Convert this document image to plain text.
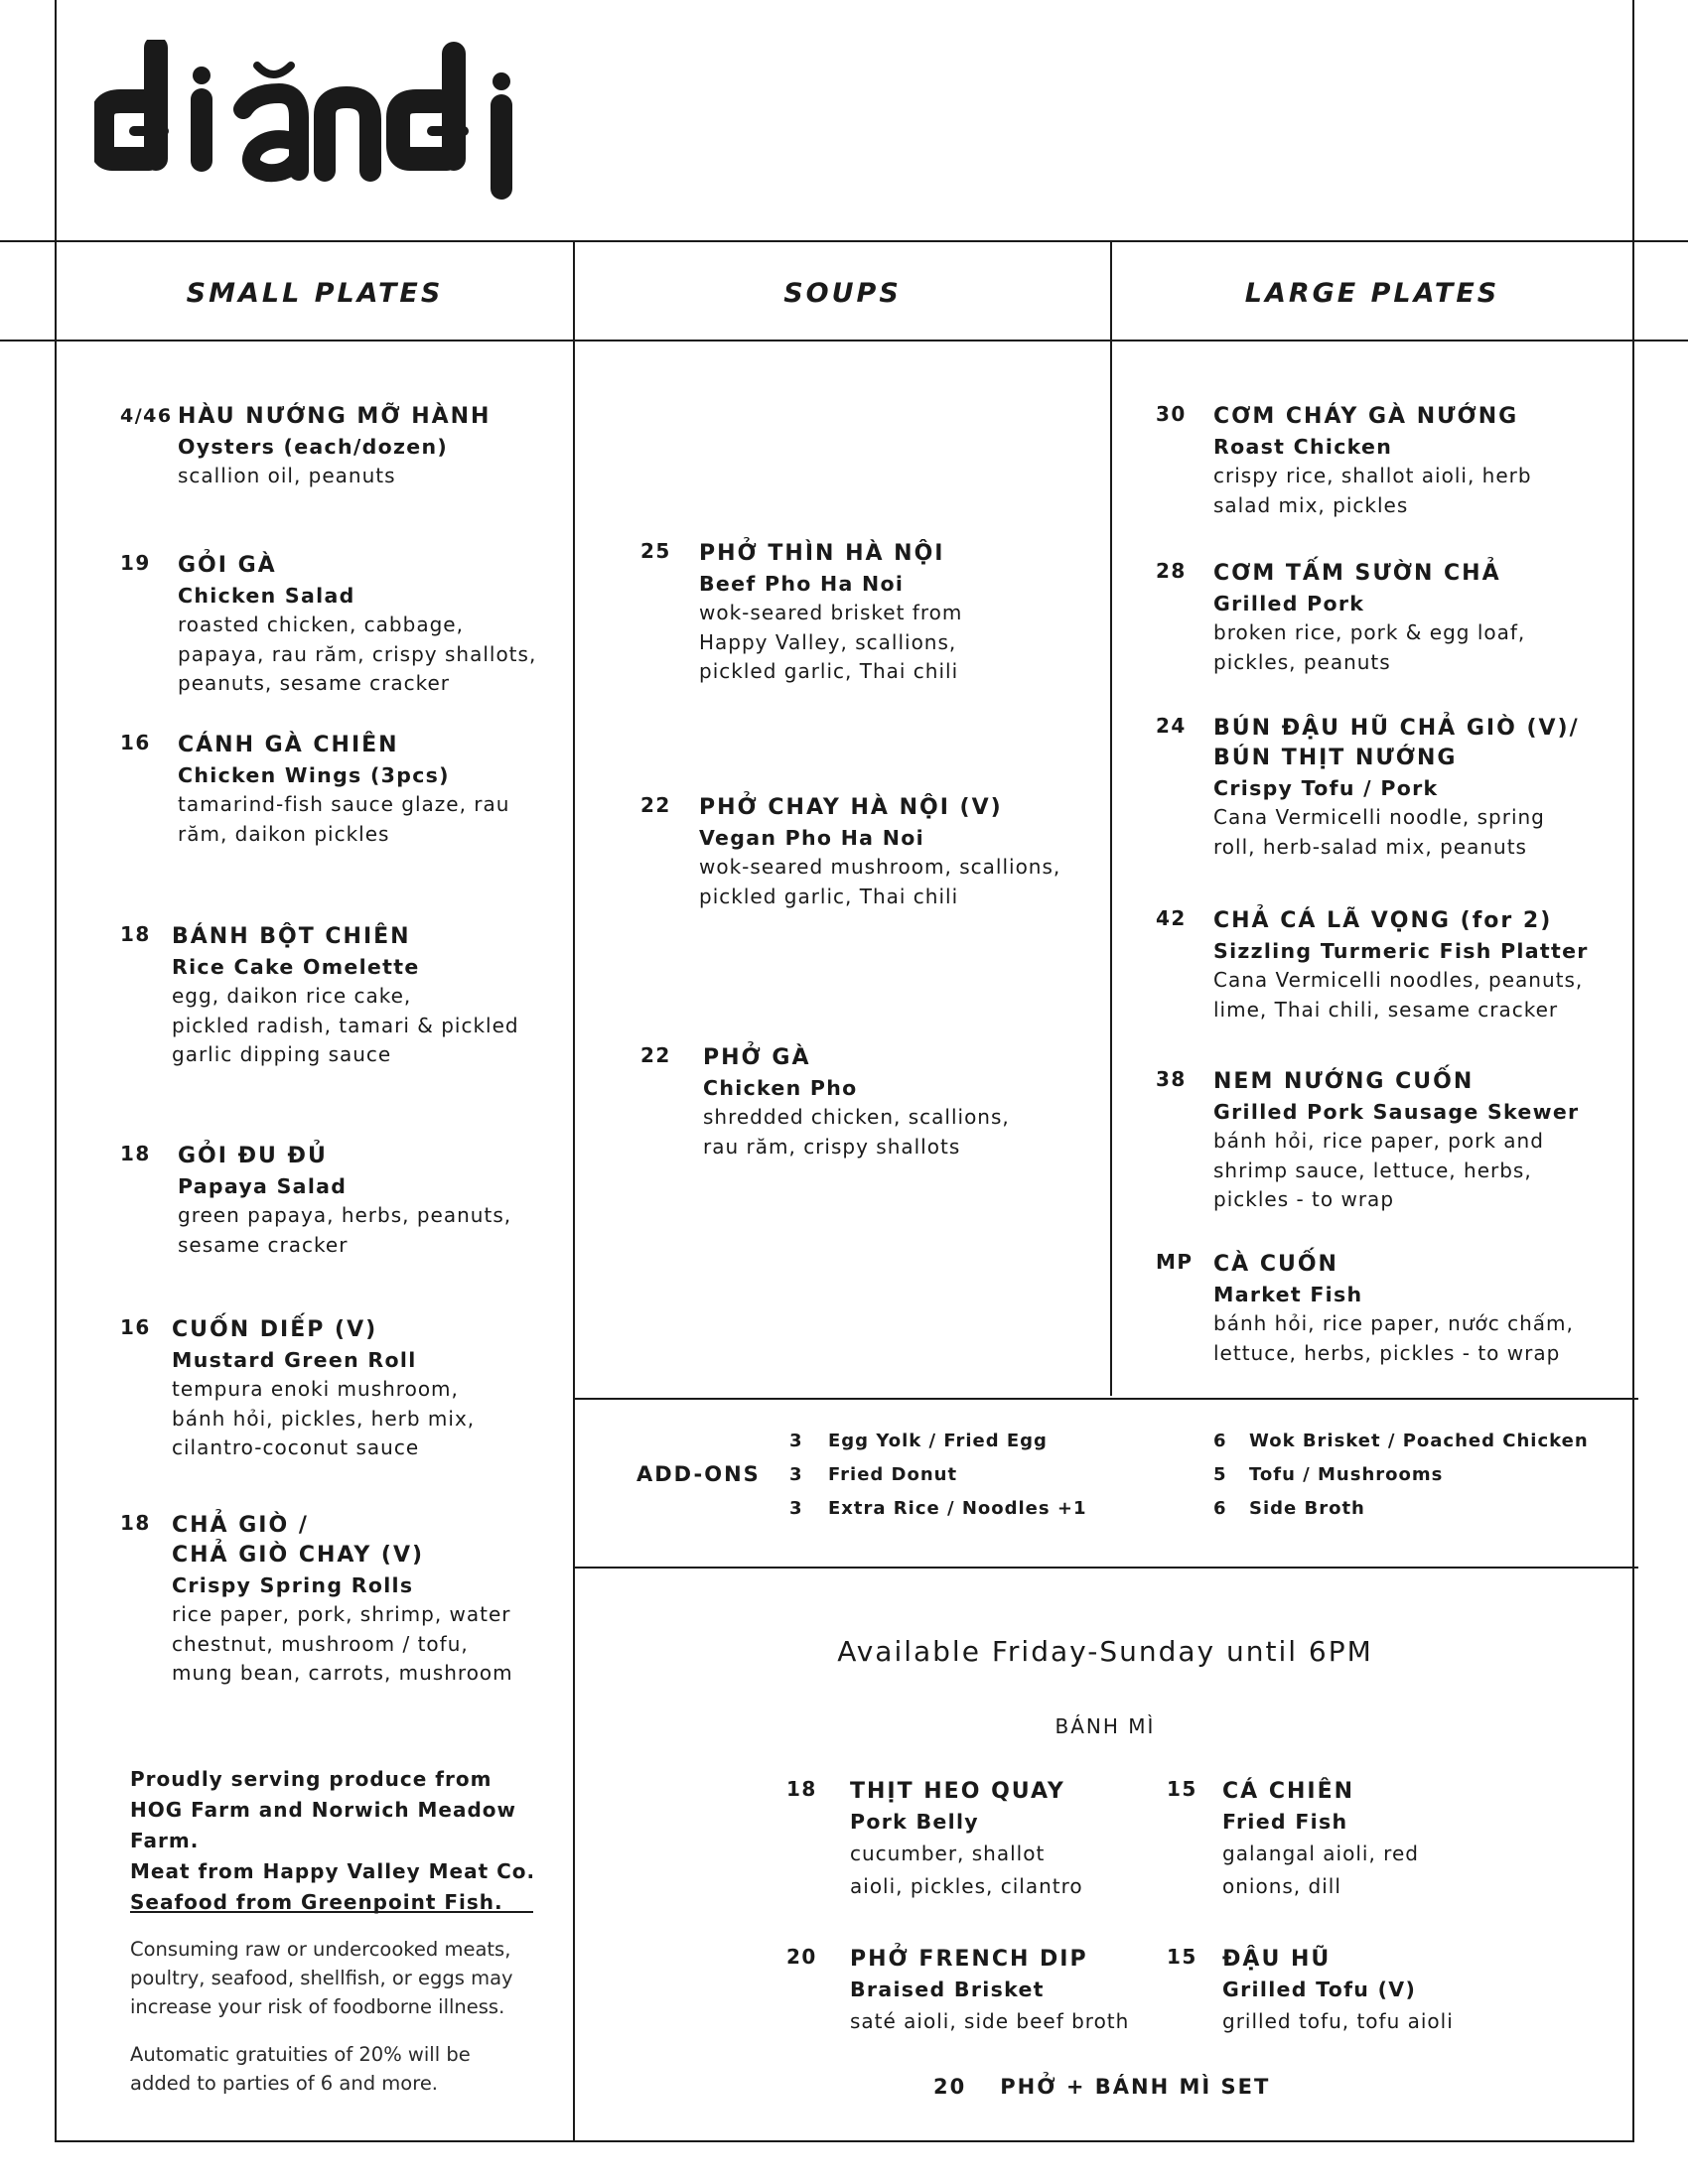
SMALL PLATES	SOUPS	LARGE PLATES
4/46 HÀU NƯỚNG MỠ HÀNH
Oysters (each/dozen)
scallion oil, peanuts
19 GỎI GÀ
Chicken Salad
roasted chicken, cabbage,
papaya, rau răm, crispy shallots,
peanuts, sesame cracker
16 CÁNH GÀ CHIÊN
Chicken Wings (3pcs)
tamarind-fish sauce glaze, rau
răm, daikon pickles
18 BÁNH BỘT CHIÊN
Rice Cake Omelette
egg, daikon rice cake,
pickled radish, tamari & pickled
garlic dipping sauce
18 GỎI ĐU ĐỦ
Papaya Salad
green papaya, herbs, peanuts,
sesame cracker
16 CUỐN DIẾP (V)
Mustard Green Roll
tempura enoki mushroom,
bánh hỏi, pickles, herb mix,
cilantro-coconut sauce
18 CHẢ GIÒ /
CHẢ GIÒ CHAY (V)
Crispy Spring Rolls
rice paper, pork, shrimp, water
chestnut, mushroom / tofu,
mung bean, carrots, mushroom
25 PHỞ THÌN HÀ NỘI
Beef Pho Ha Noi
wok-seared brisket from
Happy Valley, scallions,
pickled garlic, Thai chili
22 PHỞ CHAY HÀ NỘI (V)
Vegan Pho Ha Noi
wok-seared mushroom, scallions,
pickled garlic, Thai chili
22 PHỞ GÀ
Chicken Pho
shredded chicken, scallions,
rau răm, crispy shallots
30 CƠM CHÁY GÀ NƯỚNG
Roast Chicken
crispy rice, shallot aioli, herb
salad mix, pickles
28 CƠM TẤM SƯỜN CHẢ
Grilled Pork
broken rice, pork & egg loaf,
pickles, peanuts
24 BÚN ĐẬU HŨ CHẢ GIÒ (V)/
BÚN THỊT NƯỚNG
Crispy Tofu / Pork
Cana Vermicelli noodle, spring
roll, herb-salad mix, peanuts
42 CHẢ CÁ LÃ VỌNG (for 2)
Sizzling Turmeric Fish Platter
Cana Vermicelli noodles, peanuts,
lime, Thai chili, sesame cracker
38 NEM NƯỚNG CUỐN
Grilled Pork Sausage Skewer
bánh hỏi, rice paper, pork and
shrimp sauce, lettuce, herbs,
pickles - to wrap
MP CÀ CUỐN
Market Fish
bánh hỏi, rice paper, nước chấm,
lettuce, herbs, pickles - to wrap
ADD-ONS
3 Egg Yolk / Fried Egg
3 Fried Donut
3 Extra Rice / Noodles +1
6 Wok Brisket / Poached Chicken
5 Tofu / Mushrooms
6 Side Broth
Available Friday-Sunday until 6PM
BÁNH MÌ
18 THỊT HEO QUAY
Pork Belly
cucumber, shallot
aioli, pickles, cilantro
15 CÁ CHIÊN
Fried Fish
galangal aioli, red
onions, dill
20 PHỞ FRENCH DIP
Braised Brisket
saté aioli, side beef broth
15 ĐẬU HŨ
Grilled Tofu (V)
grilled tofu, tofu aioli
20 PHỞ + BÁNH MÌ SET
Proudly serving produce from
HOG Farm and Norwich Meadow Farm.
Meat from Happy Valley Meat Co.
Seafood from Greenpoint Fish.
Consuming raw or undercooked meats,
poultry, seafood, shellfish, or eggs may
increase your risk of foodborne illness.
Automatic gratuities of 20% will be
added to parties of 6 and more.
